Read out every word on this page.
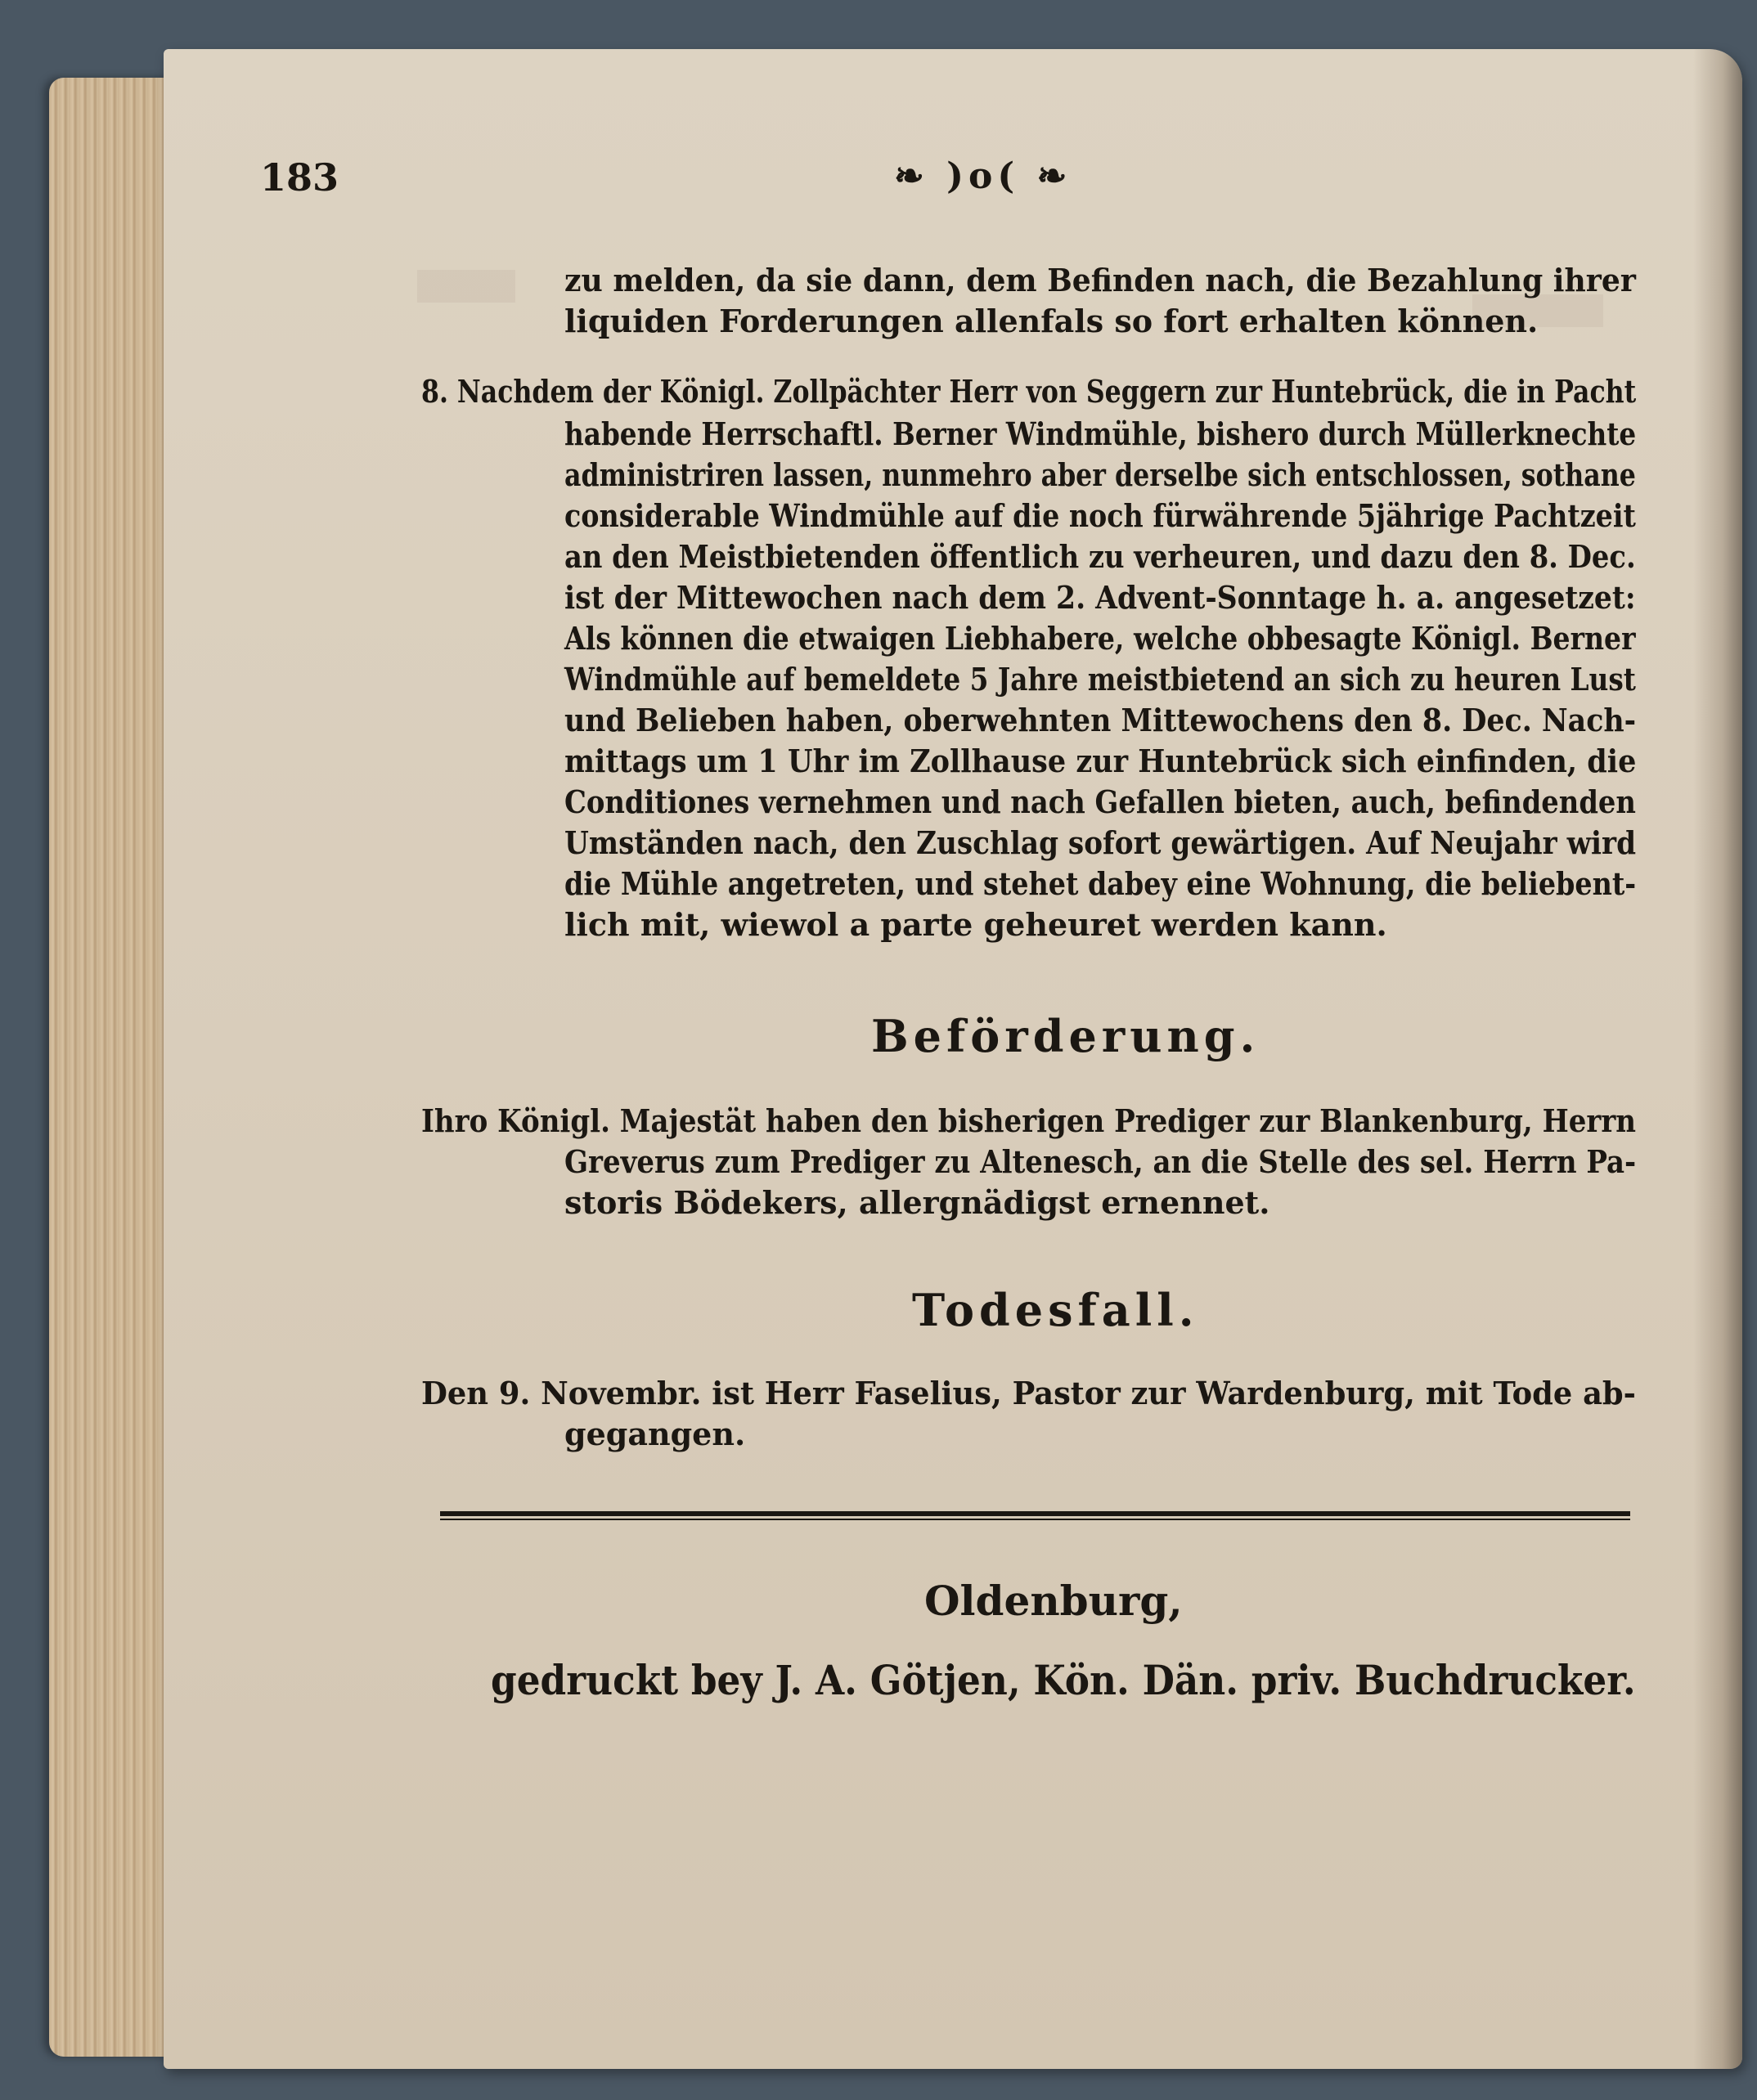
183	❧ )o( ❧
zu melden, da sie dann, dem Befinden nach, die Bezahlung ihrer
liquiden Forderungen allenfals so fort erhalten können.
8. Nachdem der Königl. Zollpächter Herr von Seggern zur Huntebrück, die in Pacht
habende Herrschaftl. Berner Windmühle, bishero durch Müllerknechte
administriren lassen, nunmehro aber derselbe sich entschlossen, sothane
considerable Windmühle auf die noch fürwährende 5jährige Pachtzeit
an den Meistbietenden öffentlich zu verheuren, und dazu den 8. Dec.
ist der Mittewochen nach dem 2. Advent-Sonntage h. a. angesetzet:
Als können die etwaigen Liebhabere, welche obbesagte Königl. Berner
Windmühle auf bemeldete 5 Jahre meistbietend an sich zu heuren Lust
und Belieben haben, oberwehnten Mittewochens den 8. Dec. Nach-
mittags um 1 Uhr im Zollhause zur Huntebrück sich einfinden, die
Conditiones vernehmen und nach Gefallen bieten, auch, befindenden
Umständen nach, den Zuschlag sofort gewärtigen. Auf Neujahr wird
die Mühle angetreten, und stehet dabey eine Wohnung, die beliebent-
lich mit, wiewol a parte geheuret werden kann.
Beförderung.
Ihro Königl. Majestät haben den bisherigen Prediger zur Blankenburg, Herrn
Greverus zum Prediger zu Altenesch, an die Stelle des sel. Herrn Pa-
storis Bödekers, allergnädigst ernennet.
Todesfall.
Den 9. Novembr. ist Herr Faselius, Pastor zur Wardenburg, mit Tode ab-
gegangen.
Oldenburg,
gedruckt bey J. A. Götjen, Kön. Dän. priv. Buchdrucker.
